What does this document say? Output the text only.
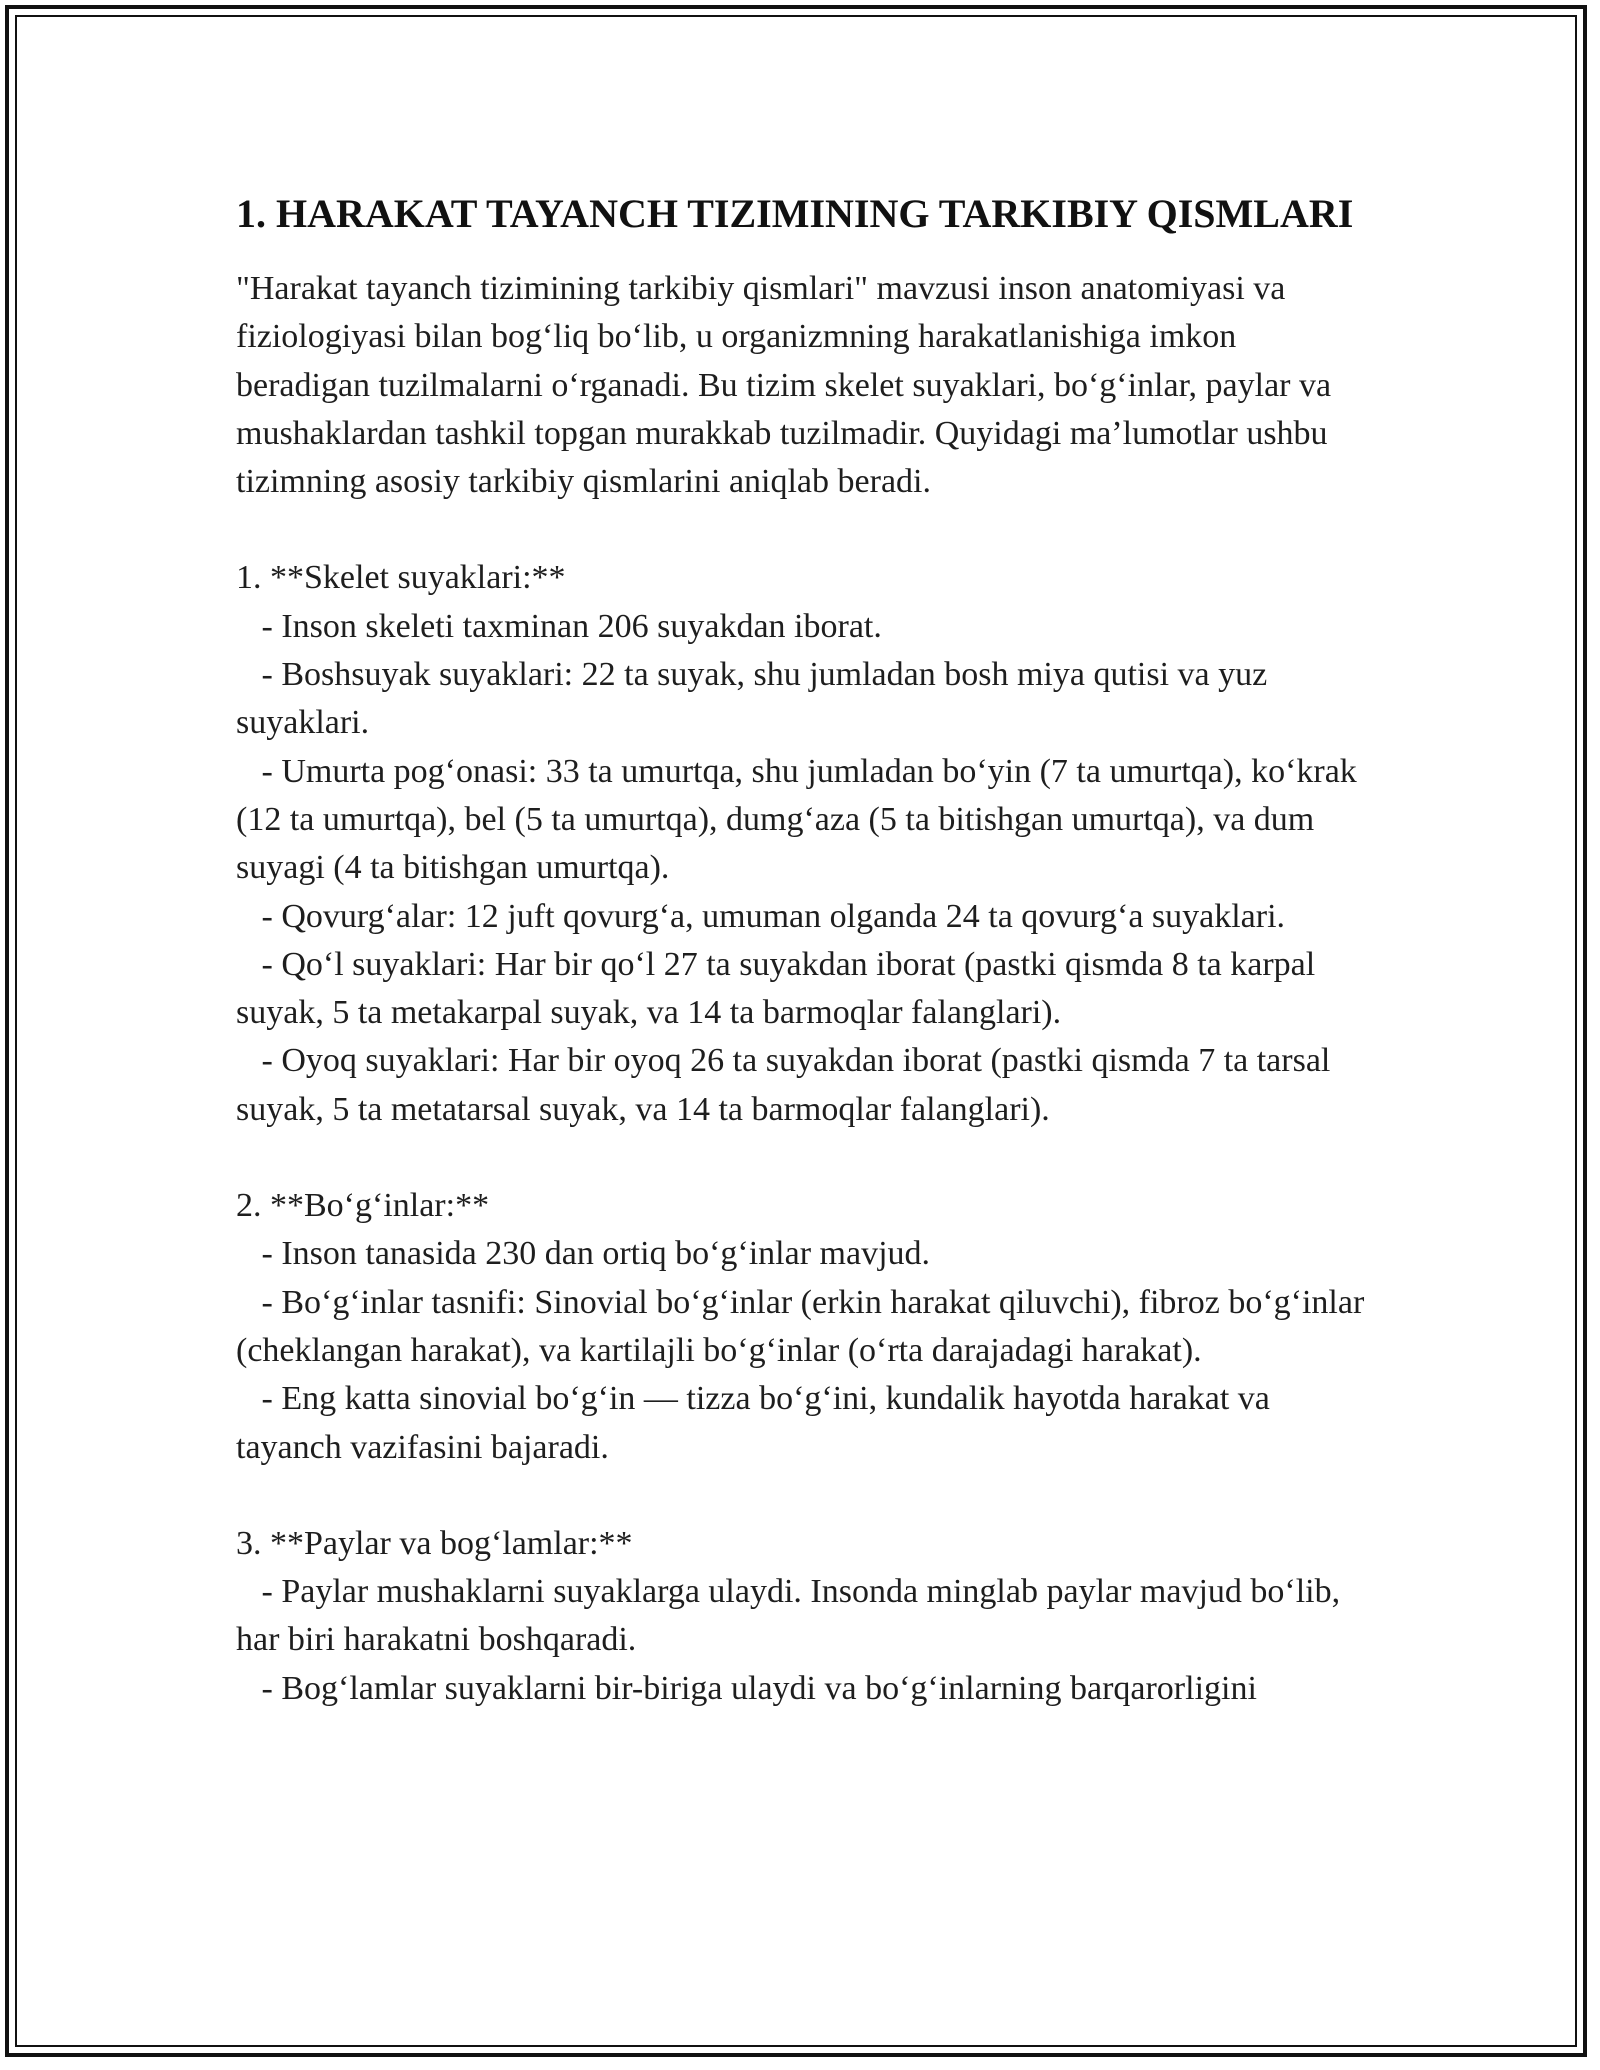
1. HARAKAT TAYANCH TIZIMINING TARKIBIY QISMLARI

"Harakat tayanch tizimining tarkibiy qismlari" mavzusi inson anatomiyasi va fiziologiyasi bilan bog‘liq bo‘lib, u organizmning harakatlanishiga imkon beradigan tuzilmalarni o‘rganadi. Bu tizim skelet suyaklari, bo‘g‘inlar, paylar va mushaklardan tashkil topgan murakkab tuzilmadir. Quyidagi ma’lumotlar ushbu tizimning asosiy tarkibiy qismlarini aniqlab beradi.

1. **Skelet suyaklari:**

- Inson skeleti taxminan 206 suyakdan iborat.

- Boshsuyak suyaklari: 22 ta suyak, shu jumladan bosh miya qutisi va yuz suyaklari.

- Umurta pog‘onasi: 33 ta umurtqa, shu jumladan bo‘yin (7 ta umurtqa), ko‘krak (12 ta umurtqa), bel (5 ta umurtqa), dumg‘aza (5 ta bitishgan umurtqa), va dum suyagi (4 ta bitishgan umurtqa).

- Qovurg‘alar: 12 juft qovurg‘a, umuman olganda 24 ta qovurg‘a suyaklari.

- Qo‘l suyaklari: Har bir qo‘l 27 ta suyakdan iborat (pastki qismda 8 ta karpal suyak, 5 ta metakarpal suyak, va 14 ta barmoqlar falanglari).

- Oyoq suyaklari: Har bir oyoq 26 ta suyakdan iborat (pastki qismda 7 ta tarsal suyak, 5 ta metatarsal suyak, va 14 ta barmoqlar falanglari).

2. **Bo‘g‘inlar:**

- Inson tanasida 230 dan ortiq bo‘g‘inlar mavjud.

- Bo‘g‘inlar tasnifi: Sinovial bo‘g‘inlar (erkin harakat qiluvchi), fibroz bo‘g‘inlar (cheklangan harakat), va kartilajli bo‘g‘inlar (o‘rta darajadagi harakat).

- Eng katta sinovial bo‘g‘in — tizza bo‘g‘ini, kundalik hayotda harakat va tayanch vazifasini bajaradi.

3. **Paylar va bog‘lamlar:**

- Paylar mushaklarni suyaklarga ulaydi. Insonda minglab paylar mavjud bo‘lib, har biri harakatni boshqaradi.

- Bog‘lamlar suyaklarni bir-biriga ulaydi va bo‘g‘inlarning barqarorligini
